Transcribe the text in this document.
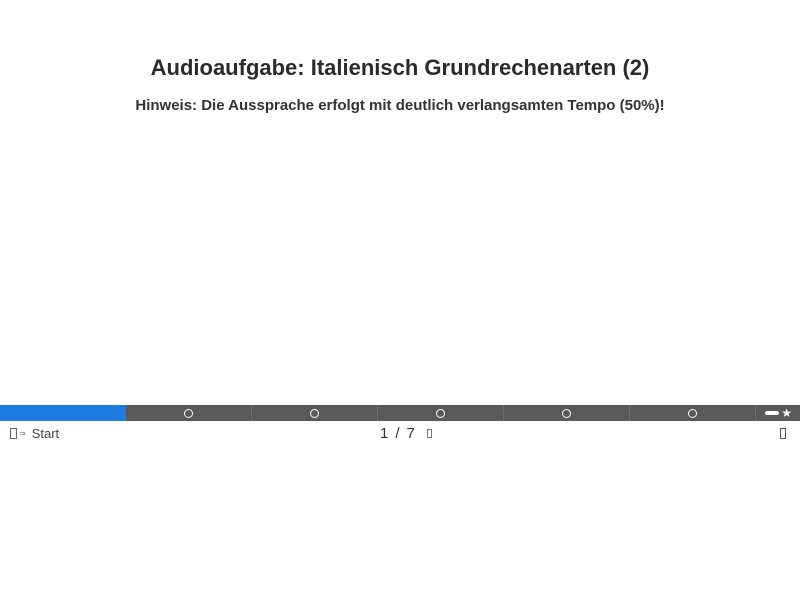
Audioaufgabe: Italienisch Grundrechenarten (2)

Hinweis: Die Aussprache erfolgt mit deutlich verlangsamten Tempo (50%)!

★
⇒ Start	1 / 7
